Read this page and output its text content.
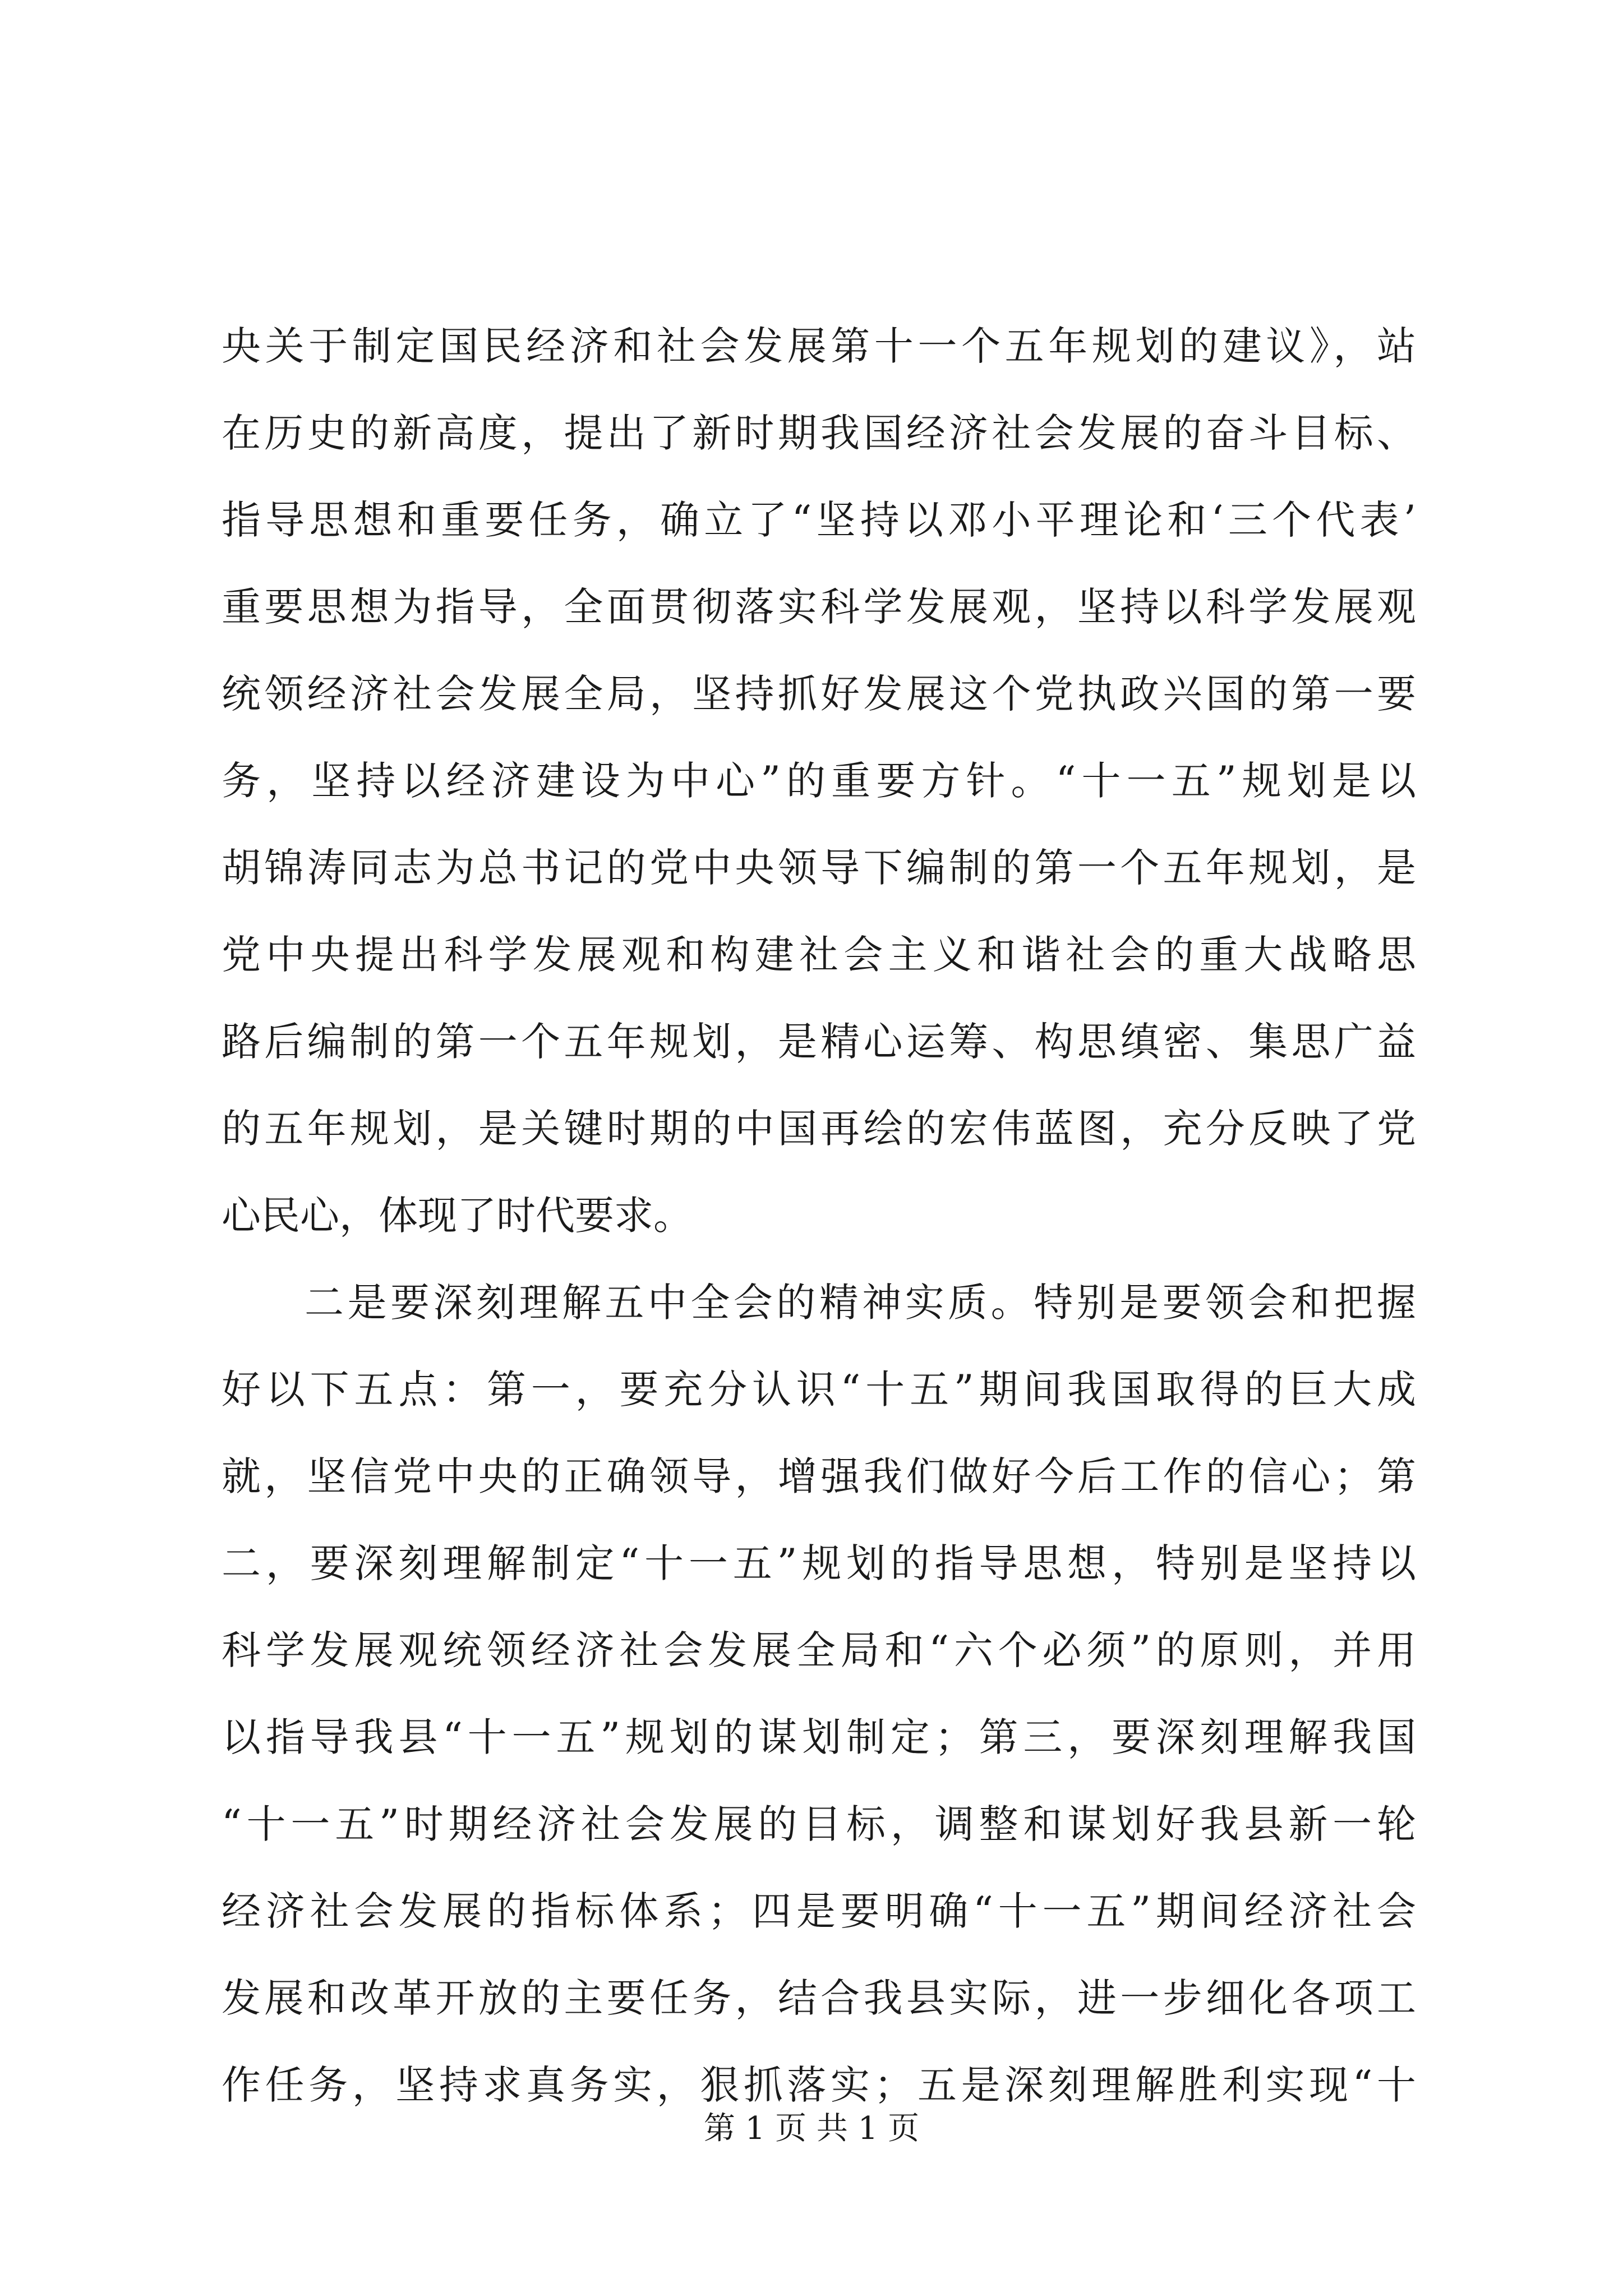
央关于制定国民经济和社会发展第十一个五年规划的建议》，站
在历史的新高度，提出了新时期我国经济社会发展的奋斗目标、
指导思想和重要任务，确立了“坚持以邓小平理论和‘三个代表’
重要思想为指导，全面贯彻落实科学发展观，坚持以科学发展观
统领经济社会发展全局，坚持抓好发展这个党执政兴国的第一要
务，坚持以经济建设为中心”的重要方针。“十一五”规划是以
胡锦涛同志为总书记的党中央领导下编制的第一个五年规划，是
党中央提出科学发展观和构建社会主义和谐社会的重大战略思
路后编制的第一个五年规划，是精心运筹、构思缜密、集思广益
的五年规划，是关键时期的中国再绘的宏伟蓝图，充分反映了党
心民心，体现了时代要求。
二是要深刻理解五中全会的精神实质。特别是要领会和把握
好以下五点：第一，要充分认识“十五”期间我国取得的巨大成
就，坚信党中央的正确领导，增强我们做好今后工作的信心；第
二，要深刻理解制定“十一五”规划的指导思想，特别是坚持以
科学发展观统领经济社会发展全局和“六个必须”的原则，并用
以指导我县“十一五”规划的谋划制定；第三，要深刻理解我国
“十一五”时期经济社会发展的目标，调整和谋划好我县新一轮
经济社会发展的指标体系；四是要明确“十一五”期间经济社会
发展和改革开放的主要任务，结合我县实际，进一步细化各项工
作任务，坚持求真务实，狠抓落实；五是深刻理解胜利实现“十
第 1 页 共 1 页
